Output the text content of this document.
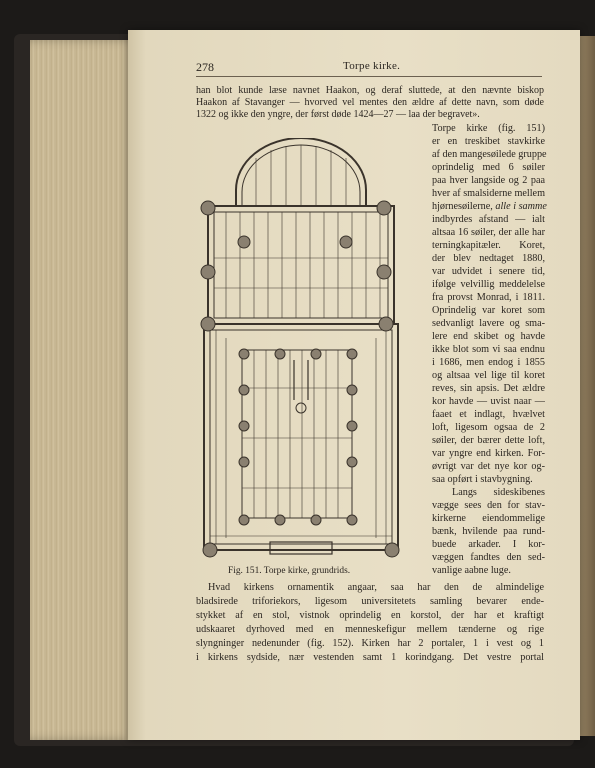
278	Torpe kirke.
han blot kunde læse navnet Haakon, og deraf sluttede, at den nævnte biskop
Haakon af Stavanger — hvorved vel mentes den ældre af dette navn, som døde
1322 og ikke den yngre, der først døde 1424—27 — laa der begravet».
Fig. 151. Torpe kirke, grundrids.
Torpe kirke (fig. 151)
er en treskibet stavkirke
af den mangesøilede gruppe
oprindelig med 6 søiler
paa hver langside og 2 paa
hver af smalsiderne mellem
hjørnesøilerne, alle i samme
indbyrdes afstand — ialt
altsaa 16 søiler, der alle har
terningkapitæler. Koret,
der blev nedtaget 1880,
var udvidet i senere tid,
ifølge velvillig meddelelse
fra provst Monrad, i 1811.
Oprindelig var koret som
sedvanligt lavere og sma-
lere end skibet og havde
ikke blot som vi saa endnu
i 1686, men endog i 1855
og altsaa vel lige til koret
reves, sin apsis. Det ældre
kor havde — uvist naar —
faaet et indlagt, hvælvet
loft, ligesom ogsaa de 2
søiler, der bærer dette loft,
var yngre end kirken. For-
øvrigt var det nye kor og-
saa opført i stavbygning.
Langs sideskibenes
vægge sees den for stav-
kirkerne eiendommelige
bænk, hvilende paa rund-
buede arkader. I kor-
væggen fandtes den sed-
vanlige aabne luge.
Hvad kirkens ornamentik angaar, saa har den de almindelige
bladsirede triforiekors, ligesom universitetets samling bevarer ende-
stykket af en stol, vistnok oprindelig en korstol, der har et kraftigt
udskaaret dyrhoved med en menneskefigur mellem tænderne og rige
slyngninger nedenunder (fig. 152). Kirken har 2 portaler, 1 i vest og 1
i kirkens sydside, nær vestenden samt 1 korindgang. Det vestre portal
